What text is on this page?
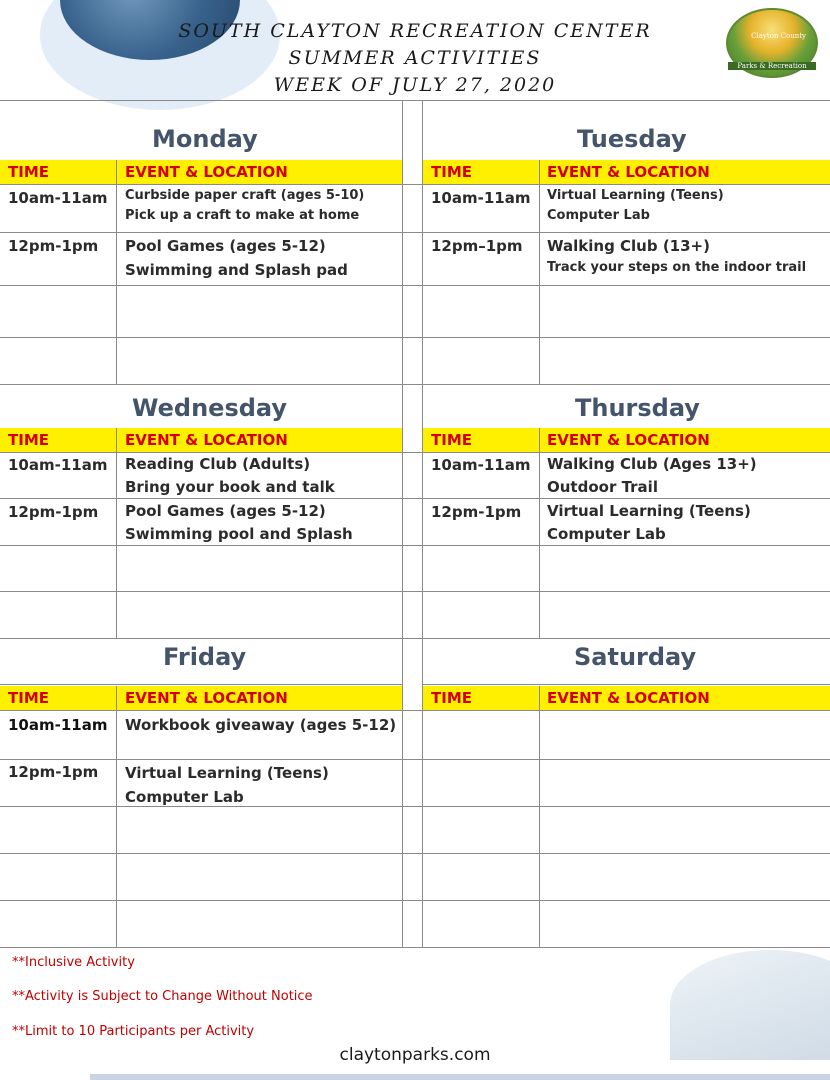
SOUTH CLAYTON RECREATION CENTER
SUMMER ACTIVITIES
WEEK OF JULY 27, 2020
Clayton County
Parks & Recreation
Monday	Tuesday
TIME	EVENT & LOCATION	TIME	EVENT & LOCATION
10am-11am Curbside paper craft (ages 5-10)
Pick up a craft to make at home
12pm-1pm Pool Games (ages 5-12)
Swimming and Splash pad
10am-11am Virtual Learning (Teens)
Computer Lab
12pm–1pm Walking Club (13+)
Track your steps on the indoor trail
Wednesday	Thursday
TIME	EVENT & LOCATION	TIME	EVENT & LOCATION
10am-11am Reading Club (Adults)
Bring your book and talk
12pm-1pm Pool Games (ages 5-12)
Swimming pool and Splash
10am-11am Walking Club (Ages 13+)
Outdoor Trail
12pm-1pm Virtual Learning (Teens)
Computer Lab
Friday	Saturday
TIME	EVENT & LOCATION	TIME	EVENT & LOCATION
10am-11am Workbook giveaway (ages 5-12)
12pm-1pm Virtual Learning (Teens)
Computer Lab
**Inclusive Activity
**Activity is Subject to Change Without Notice
**Limit to 10 Participants per Activity
claytonparks.com
